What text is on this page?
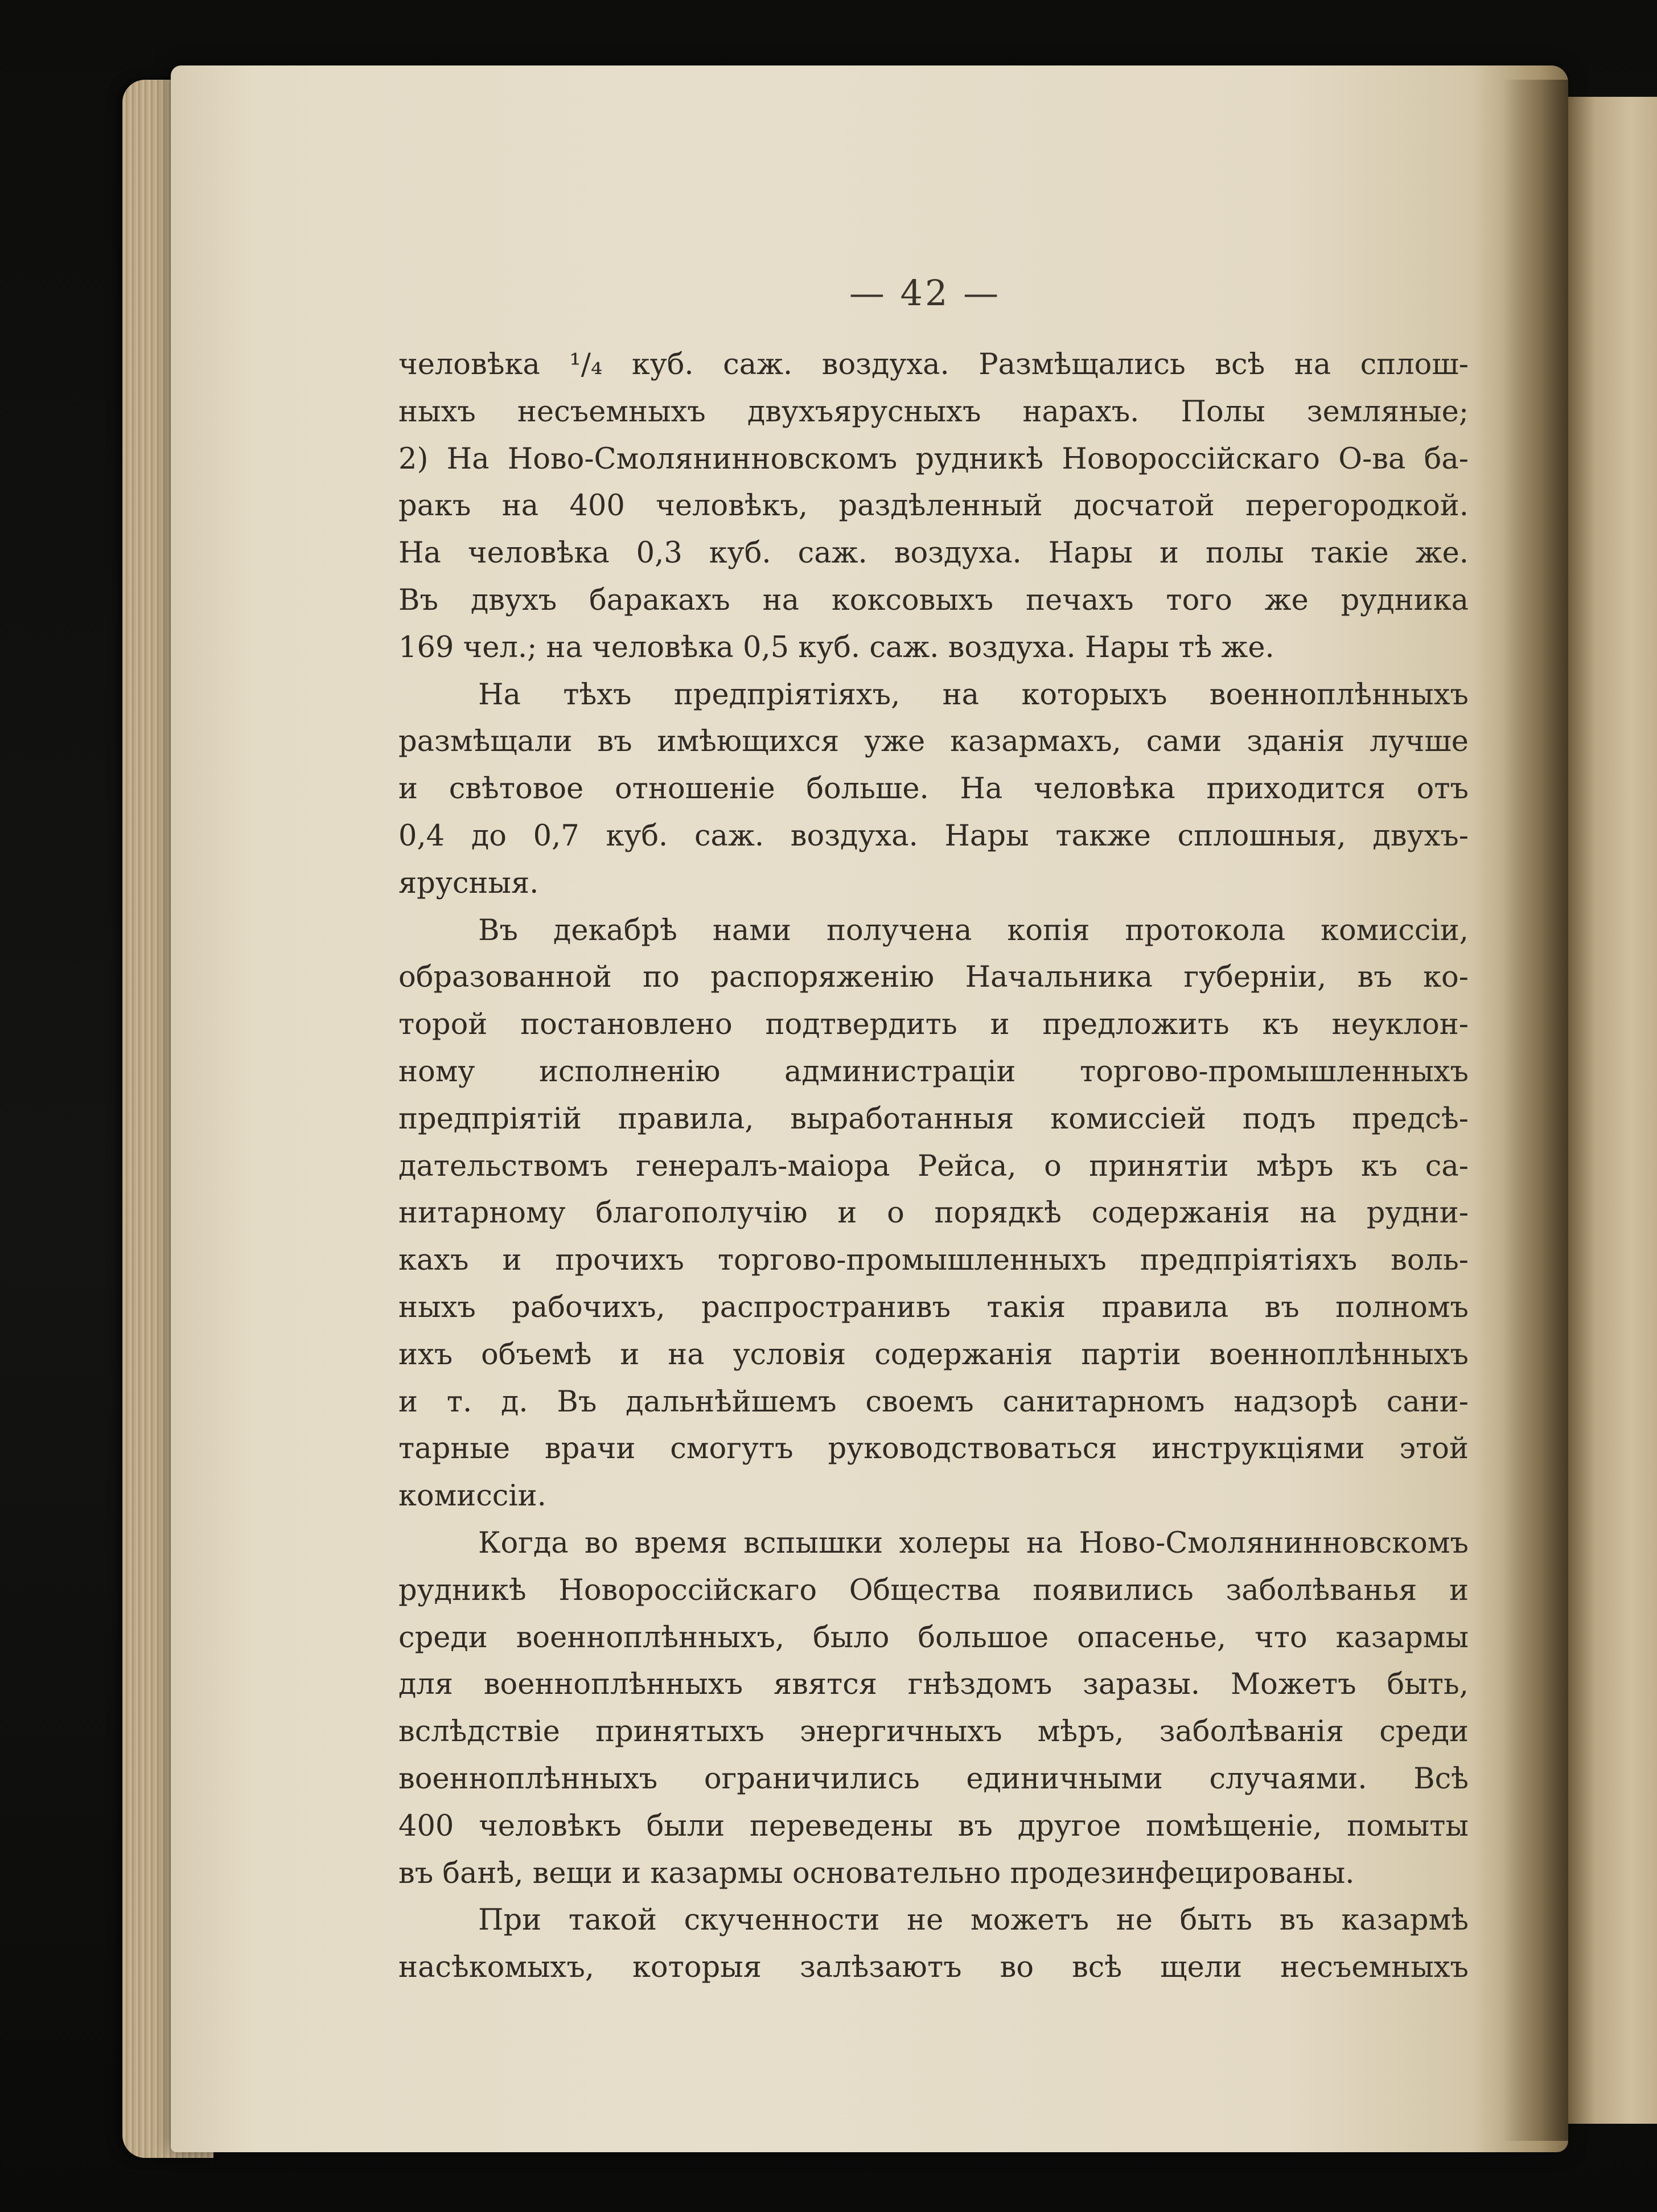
— 42 —
человѣка ¹/₄ куб. саж. воздуха. Размѣщались всѣ на сплош-
ныхъ несъемныхъ двухъярусныхъ нарахъ. Полы земляные;
2) На Ново-Смолянинновскомъ рудникѣ Новороссійскаго О-ва ба-
ракъ на 400 человѣкъ, раздѣленный досчатой перегородкой.
На человѣка 0,3 куб. саж. воздуха. Нары и полы такіе же.
Въ двухъ баракахъ на коксовыхъ печахъ того же рудника
169 чел.; на человѣка 0,5 куб. саж. воздуха. Нары тѣ же.
На тѣхъ предпріятіяхъ, на которыхъ военноплѣнныхъ
размѣщали въ имѣющихся уже казармахъ, сами зданія лучше
и свѣтовое отношеніе больше. На человѣка приходится отъ
0,4 до 0,7 куб. саж. воздуха. Нары также сплошныя, двухъ-
ярусныя.
Въ декабрѣ нами получена копія протокола комиссіи,
образованной по распоряженію Начальника губерніи, въ ко-
торой постановлено подтвердить и предложить къ неуклон-
ному исполненію администраціи торгово-промышленныхъ
предпріятій правила, выработанныя комиссіей подъ предсѣ-
дательствомъ генералъ-маіора Рейса, о принятіи мѣръ къ са-
нитарному благополучію и о порядкѣ содержанія на рудни-
кахъ и прочихъ торгово-промышленныхъ предпріятіяхъ воль-
ныхъ рабочихъ, распространивъ такія правила въ полномъ
ихъ объемѣ и на условія содержанія партіи военноплѣнныхъ
и т. д. Въ дальнѣйшемъ своемъ санитарномъ надзорѣ сани-
тарные врачи смогутъ руководствоваться инструкціями этой
комиссіи.
Когда во время вспышки холеры на Ново-Смолянинновскомъ
рудникѣ Новороссійскаго Общества появились заболѣванья и
среди военноплѣнныхъ, было большое опасенье, что казармы
для военноплѣнныхъ явятся гнѣздомъ заразы. Можетъ быть,
вслѣдствіе принятыхъ энергичныхъ мѣръ, заболѣванія среди
военноплѣнныхъ ограничились единичными случаями. Всѣ
400 человѣкъ были переведены въ другое помѣщеніе, помыты
въ банѣ, вещи и казармы основательно продезинфецированы.
При такой скученности не можетъ не быть въ казармѣ
насѣкомыхъ, которыя залѣзаютъ во всѣ щели несъемныхъ
